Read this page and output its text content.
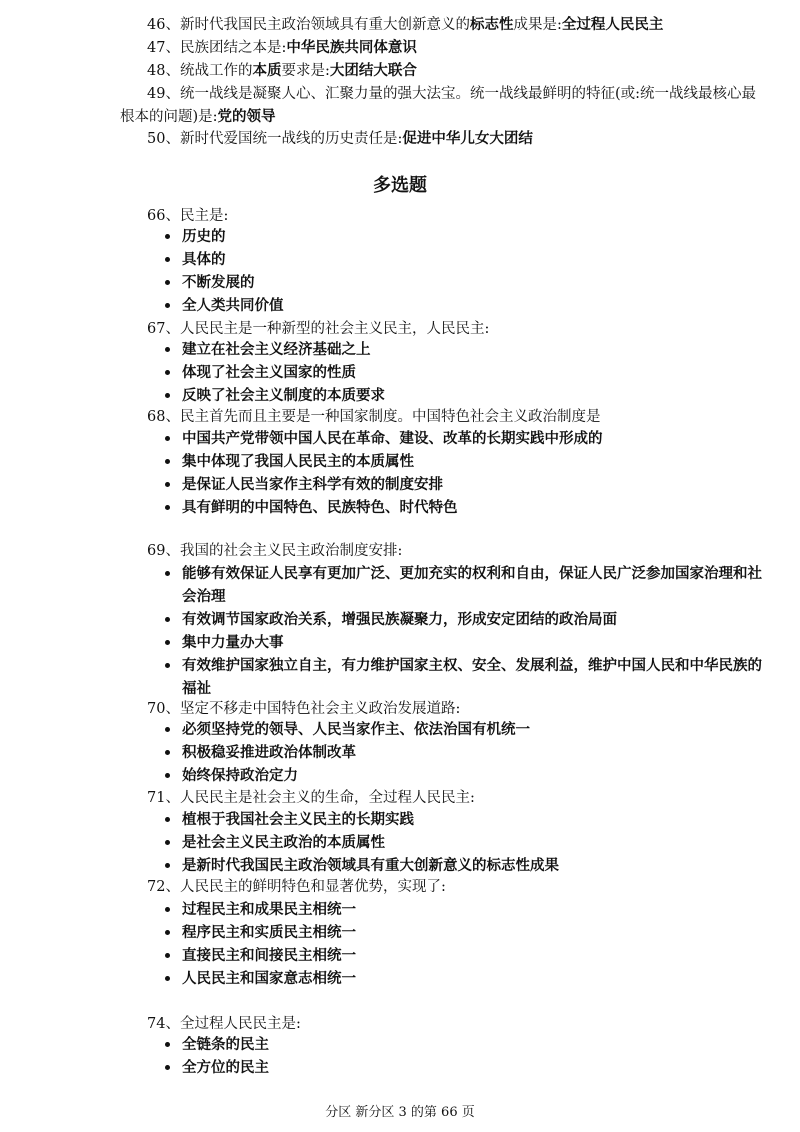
46、新时代我国民主政治领域具有重大创新意义的标志性成果是:全过程人民民主
47、民族团结之本是:中华民族共同体意识
48、统战工作的本质要求是:大团结大联合
49、统一战线是凝聚人心、汇聚力量的强大法宝。统一战线最鲜明的特征(或:统一战线最核心最根本的问题)是:党的领导
50、新时代爱国统一战线的历史责任是:促进中华儿女大团结
多选题
66、民主是:
历史的
具体的
不断发展的
全人类共同价值
67、人民民主是一种新型的社会主义民主，人民民主:
建立在社会主义经济基础之上
体现了社会主义国家的性质
反映了社会主义制度的本质要求
68、民主首先而且主要是一种国家制度。中国特色社会主义政治制度是
中国共产党带领中国人民在革命、建设、改革的长期实践中形成的
集中体现了我国人民民主的本质属性
是保证人民当家作主科学有效的制度安排
具有鲜明的中国特色、民族特色、时代特色
69、我国的社会主义民主政治制度安排:
能够有效保证人民享有更加广泛、更加充实的权利和自由，保证人民广泛参加国家治理和社会治理
有效调节国家政治关系，增强民族凝聚力，形成安定团结的政治局面
集中力量办大事
有效维护国家独立自主，有力维护国家主权、安全、发展利益，维护中国人民和中华民族的福祉
70、坚定不移走中国特色社会主义政治发展道路:
必须坚持党的领导、人民当家作主、依法治国有机统一
积极稳妥推进政治体制改革
始终保持政治定力
71、人民民主是社会主义的生命，全过程人民民主:
植根于我国社会主义民主的长期实践
是社会主义民主政治的本质属性
是新时代我国民主政治领域具有重大创新意义的标志性成果
72、人民民主的鲜明特色和显著优势，实现了:
过程民主和成果民主相统一
程序民主和实质民主相统一
直接民主和间接民主相统一
人民民主和国家意志相统一
74、全过程人民民主是:
全链条的民主
全方位的民主
分区 新分区 3 的第 66 页
